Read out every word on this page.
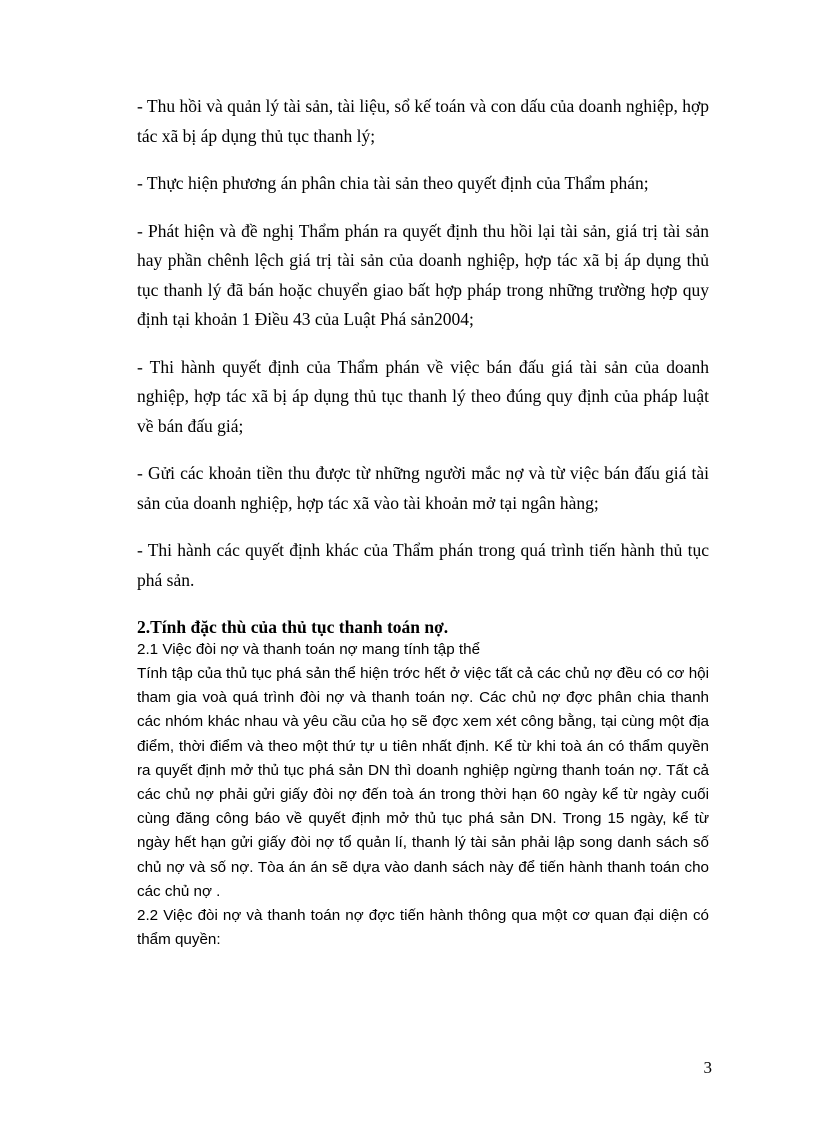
- Thu hồi và quản lý tài sản, tài liệu, sổ kế toán và con dấu của doanh nghiệp, hợp tác xã bị áp dụng thủ tục thanh lý;

- Thực hiện phương án phân chia tài sản theo quyết định của Thẩm phán;

- Phát hiện và đề nghị Thẩm phán ra quyết định thu hồi lại tài sản, giá trị tài sản hay phần chênh lệch giá trị tài sản của doanh nghiệp, hợp tác xã bị áp dụng thủ tục thanh lý đã bán hoặc chuyển giao bất hợp pháp trong những trường hợp quy định tại khoản 1 Điều 43 của Luật Phá sản2004;

- Thi hành quyết định của Thẩm phán về việc bán đấu giá tài sản của doanh nghiệp, hợp tác xã bị áp dụng thủ tục thanh lý theo đúng quy định của pháp luật về bán đấu giá;

- Gửi các khoản tiền thu được từ những người mắc nợ và từ việc bán đấu giá tài sản của doanh nghiệp, hợp tác xã vào tài khoản mở tại ngân hàng;

- Thi hành các quyết định khác của Thẩm phán trong quá trình tiến hành thủ tục phá sản.

2.Tính đặc thù của thủ tục thanh toán nợ.

2.1 Việc đòi nợ và thanh toán nợ mang tính tập thể

Tính tập của thủ tục phá sản thể hiện trớc hết ở việc tất cả các chủ nợ đều có cơ hội tham gia voà quá trình đòi nợ và thanh toán nợ. Các chủ nợ đợc phân chia thanh các nhóm khác nhau và yêu cầu của họ sẽ đợc xem xét công bằng, tại cùng một địa điểm, thời điểm và theo một thứ tự u tiên nhất định. Kể từ khi toà án có thẩm quyền ra quyết định mở thủ tục phá sản DN thì doanh nghiệp ngừng thanh toán nợ. Tất cả các chủ nợ phải gửi giấy đòi nợ đến toà án trong thời hạn 60 ngày kể từ ngày cuối cùng đăng công báo về quyết định mở thủ tục phá sản DN. Trong 15 ngày, kể từ ngày hết hạn gửi giấy đòi nợ tổ quản lí, thanh lý tài sản phải lập song danh sách số chủ nợ và số nợ. Tòa án án sẽ dựa vào danh sách này để tiến hành thanh toán cho các chủ nợ .

2.2 Việc đòi nợ và thanh toán nợ đợc tiến hành thông qua một cơ quan đại diện có thẩm quyền:

3
